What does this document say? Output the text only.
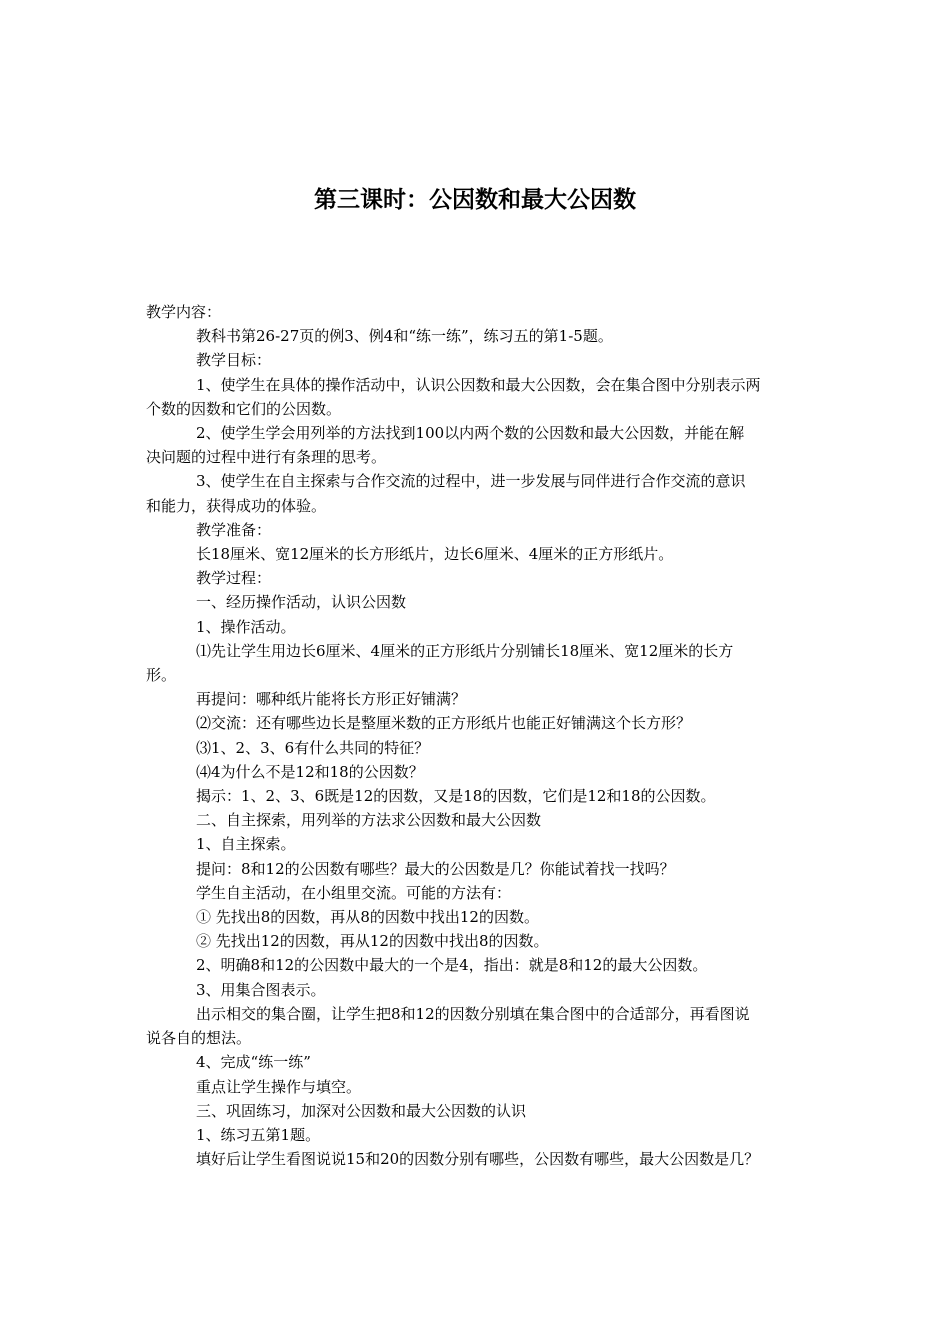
第三课时：公因数和最大公因数
教学内容：
教科书第26-27页的例3、例4和“练一练”，练习五的第1-5题。
教学目标：
1、使学生在具体的操作活动中，认识公因数和最大公因数，会在集合图中分别表示两
个数的因数和它们的公因数。
2、使学生学会用列举的方法找到100以内两个数的公因数和最大公因数，并能在解
决问题的过程中进行有条理的思考。
3、使学生在自主探索与合作交流的过程中，进一步发展与同伴进行合作交流的意识
和能力，获得成功的体验。
教学准备：
长18厘米、宽12厘米的长方形纸片，边长6厘米、4厘米的正方形纸片。
教学过程：
一、经历操作活动，认识公因数
1、操作活动。
⑴先让学生用边长6厘米、4厘米的正方形纸片分别铺长18厘米、宽12厘米的长方
形。
再提问：哪种纸片能将长方形正好铺满？
⑵交流：还有哪些边长是整厘米数的正方形纸片也能正好铺满这个长方形？
⑶1、2、3、6有什么共同的特征？
⑷4为什么不是12和18的公因数？
揭示：1、2、3、6既是12的因数，又是18的因数，它们是12和18的公因数。
二、自主探索，用列举的方法求公因数和最大公因数
1、自主探索。
提问：8和12的公因数有哪些？最大的公因数是几？你能试着找一找吗？
学生自主活动，在小组里交流。可能的方法有：
① 先找出8的因数，再从8的因数中找出12的因数。
② 先找出12的因数，再从12的因数中找出8的因数。
2、明确8和12的公因数中最大的一个是4，指出：就是8和12的最大公因数。
3、用集合图表示。
出示相交的集合圈，让学生把8和12的因数分别填在集合图中的合适部分，再看图说
说各自的想法。
4、完成“练一练”
重点让学生操作与填空。
三、巩固练习，加深对公因数和最大公因数的认识
1、练习五第1题。
填好后让学生看图说说15和20的因数分别有哪些，公因数有哪些，最大公因数是几？
